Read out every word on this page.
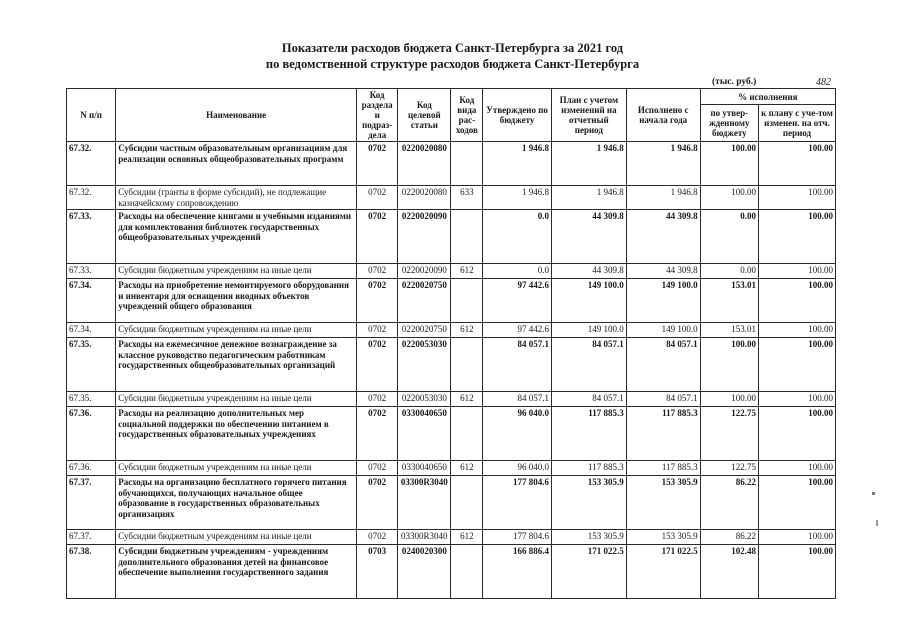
Показатели расходов бюджета Санкт-Петербурга за 2021 год
по ведомственной структуре расходов бюджета Санкт-Петербурга
(тыс. руб.)	482
N п/п	Наименование	Код раздела и подраз-дела	Код целевой статьи	Код вида рас-ходов	Утверждено по бюджету	План с учетом изменений на отчетный период	Исполнено с начала года	% исполнения	
								по утвер-жденному бюджету	к плану с уче-том изменен. на отч. период
67.32.	Субсидии частным образовательным организациям для реализации основных общеобразовательных программ	0702	0220020080		1 946.8	1 946.8	1 946.8	100.00	100.00
67.32.	Субсидии (гранты в форме субсидий), не подлежащие казначейскому сопровождению	0702	0220020080	633	1 946.8	1 946.8	1 946.8	100.00	100.00
67.33.	Расходы на обеспечение книгами и учебными изданиями для комплектования библиотек государственных общеобразовательных учреждений	0702	0220020090		0.0	44 309.8	44 309.8	0.00	100.00
67.33.	Субсидии бюджетным учреждениям на иные цели	0702	0220020090	612	0.0	44 309.8	44 309.8	0.00	100.00
67.34.	Расходы на приобретение немонтируемого оборудования и инвентаря для оснащения вводных объектов учреждений общего образования	0702	0220020750		97 442.6	149 100.0	149 100.0	153.01	100.00
67.34.	Субсидии бюджетным учреждениям на иные цели	0702	0220020750	612	97 442.6	149 100.0	149 100.0	153.01	100.00
67.35.	Расходы на ежемесячное денежное вознаграждение за классное руководство педагогическим работникам государственных общеобразовательных организаций	0702	0220053030		84 057.1	84 057.1	84 057.1	100.00	100.00
67.35.	Субсидии бюджетным учреждениям на иные цели	0702	0220053030	612	84 057.1	84 057.1	84 057.1	100.00	100.00
67.36.	Расходы на реализацию дополнительных мер социальной поддержки по обеспечению питанием в государственных образовательных учреждениях	0702	0330040650		96 040.0	117 885.3	117 885.3	122.75	100.00
67.36.	Субсидии бюджетным учреждениям на иные цели	0702	0330040650	612	96 040.0	117 885.3	117 885.3	122.75	100.00
67.37.	Расходы на организацию бесплатного горячего питания обучающихся, получающих начальное общее образование в государственных образовательных организациях	0702	03300R3040		177 804.6	153 305.9	153 305.9	86.22	100.00
67.37.	Субсидии бюджетным учреждениям на иные цели	0702	03300R3040	612	177 804.6	153 305.9	153 305.9	86.22	100.00
67.38.	Субсидии бюджетным учреждениям - учреждениям дополнительного образования детей на финансовое обеспечение выполнения государственного задания	0703	0240020300		166 886.4	171 022.5	171 022.5	102.48	100.00
